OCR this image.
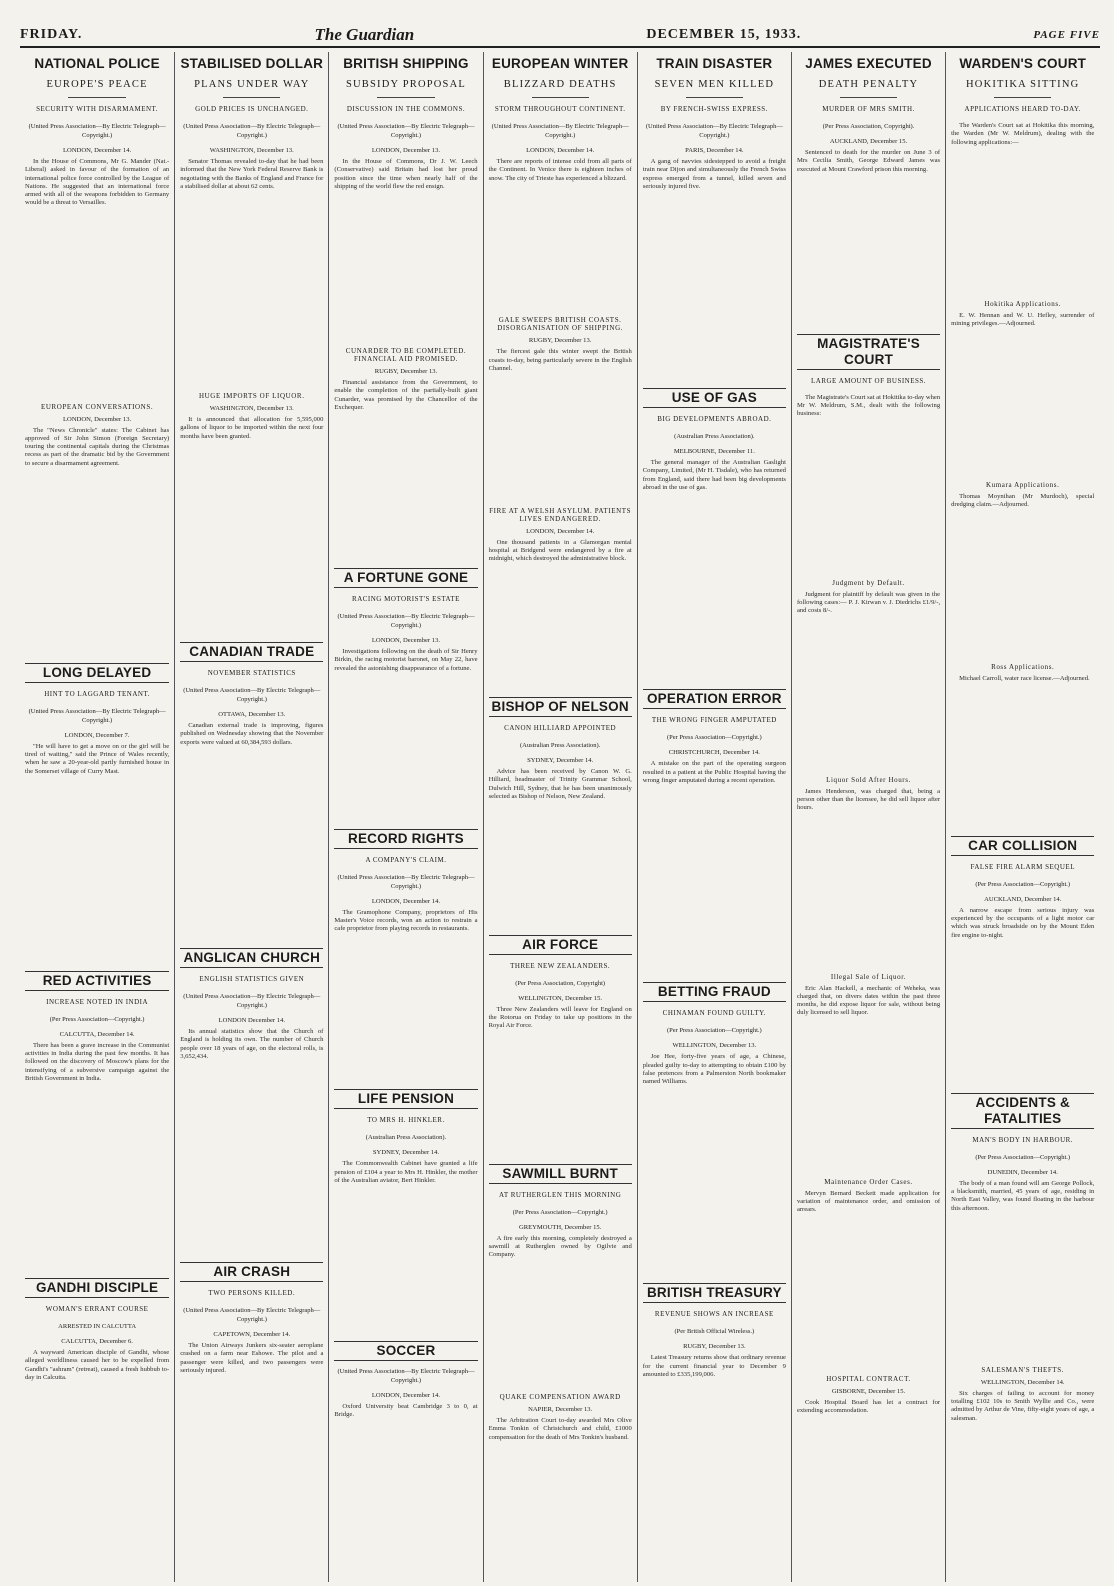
FRIDAY.	The Guardian	DECEMBER 15, 1933.	PAGE FIVE
NATIONAL POLICE
EUROPE'S PEACE
SECURITY WITH DISARMAMENT.
(United Press Association—By Electric Telegraph—Copyright.)
LONDON, December 14.

In the House of Commons, Mr G. Mander (Nat.-Liberal) asked in favour of the formation of an international police force controlled by the League of Nations. He suggested that an international force armed with all of the weapons forbidden to Germany would be a threat to Versailles.

EUROPEAN CONVERSATIONS.
LONDON, December 13.

The "News Chronicle" states: The Cabinet has approved of Sir John Simon (Foreign Secretary) touring the continental capitals during the Christmas recess as part of the dramatic bid by the Government to secure a disarmament agreement.

LONG DELAYED
HINT TO LAGGARD TENANT.
(United Press Association—By Electric Telegraph—Copyright.)
LONDON, December 7.

"He will have to get a move on or the girl will be tired of waiting," said the Prince of Wales recently, when he saw a 20-year-old partly furnished house in the Somerset village of Curry Mast.

RED ACTIVITIES
INCREASE NOTED IN INDIA
(Per Press Association—Copyright.)
CALCUTTA, December 14.

There has been a grave increase in the Communist activities in India during the past few months. It has followed on the discovery of Moscow's plans for the intensifying of a subversive campaign against the British Government in India.

GANDHI DISCIPLE
WOMAN'S ERRANT COURSE
ARRESTED IN CALCUTTA
CALCUTTA, December 6.

A wayward American disciple of Gandhi, whose alleged worldliness caused her to be expelled from Gandhi's "ashram" (retreat), caused a fresh hubbub to-day in Calcutta.

STABILISED DOLLAR
PLANS UNDER WAY
GOLD PRICES IS UNCHANGED.
(United Press Association—By Electric Telegraph—Copyright.)
WASHINGTON, December 13.

Senator Thomas revealed to-day that he had been informed that the New York Federal Reserve Bank is negotiating with the Banks of England and France for a stabilised dollar at about 62 cents.

HUGE IMPORTS OF LIQUOR.
WASHINGTON, December 13.

It is announced that allocation for 5,595,000 gallons of liquor to be imported within the next four months have been granted.

CANADIAN TRADE
NOVEMBER STATISTICS
(United Press Association—By Electric Telegraph—Copyright.)
OTTAWA, December 13.

Canadian external trade is improving, figures published on Wednesday showing that the November exports were valued at 60,384,593 dollars.

ANGLICAN CHURCH
ENGLISH STATISTICS GIVEN
(United Press Association—By Electric Telegraph—Copyright.)
LONDON December 14.

Its annual statistics show that the Church of England is holding its own. The number of Church people over 18 years of age, on the electoral rolls, is 3,652,434.

AIR CRASH
TWO PERSONS KILLED.
(United Press Association—By Electric Telegraph—Copyright.)
CAPETOWN, December 14.

The Union Airways Junkers six-seater aeroplane crashed on a farm near Eshowe. The pilot and a passenger were killed, and two passengers were seriously injured.

BRITISH SHIPPING
SUBSIDY PROPOSAL
DISCUSSION IN THE COMMONS.
(United Press Association—By Electric Telegraph—Copyright.)
LONDON, December 13.

In the House of Commons, Dr J. W. Leech (Conservative) said Britain had lost her proud position since the time when nearly half of the shipping of the world flew the red ensign.

CUNARDER TO BE COMPLETED. FINANCIAL AID PROMISED.
RUGBY, December 13.

Financial assistance from the Government, to enable the completion of the partially-built giant Cunarder, was promised by the Chancellor of the Exchequer.

A FORTUNE GONE
RACING MOTORIST'S ESTATE
(United Press Association—By Electric Telegraph—Copyright.)
LONDON, December 13.

Investigations following on the death of Sir Henry Birkin, the racing motorist baronet, on May 22, have revealed the astonishing disappearance of a fortune.

RECORD RIGHTS
A COMPANY'S CLAIM.
(United Press Association—By Electric Telegraph—Copyright.)
LONDON, December 14.

The Gramophone Company, proprietors of His Master's Voice records, won an action to restrain a cafe proprietor from playing records in restaurants.

LIFE PENSION
TO MRS H. HINKLER.
(Australian Press Association).
SYDNEY, December 14.

The Commonwealth Cabinet have granted a life pension of £104 a year to Mrs H. Hinkler, the mother of the Australian aviator, Bert Hinkler.

SOCCER
(United Press Association—By Electric Telegraph—Copyright.)
LONDON, December 14.

Oxford University beat Cambridge 3 to 0, at Bridge.

EUROPEAN WINTER
BLIZZARD DEATHS
STORM THROUGHOUT CONTINENT.
(United Press Association—By Electric Telegraph—Copyright.)
LONDON, December 14.

There are reports of intense cold from all parts of the Continent. In Venice there is eighteen inches of snow. The city of Trieste has experienced a blizzard.

GALE SWEEPS BRITISH COASTS. DISORGANISATION OF SHIPPING.
RUGBY, December 13.

The fiercest gale this winter swept the British coasts to-day, being particularly severe in the English Channel.

FIRE AT A WELSH ASYLUM. PATIENTS LIVES ENDANGERED.
LONDON, December 14.

One thousand patients in a Glamorgan mental hospital at Bridgend were endangered by a fire at midnight, which destroyed the administrative block.

BISHOP OF NELSON
CANON HILLIARD APPOINTED
(Australian Press Association).
SYDNEY, December 14.

Advice has been received by Canon W. G. Hilliard, headmaster of Trinity Grammar School, Dulwich Hill, Sydney, that he has been unanimously selected as Bishop of Nelson, New Zealand.

AIR FORCE
THREE NEW ZEALANDERS.
(Per Press Association, Copyright)
WELLINGTON, December 15.

Three New Zealanders will leave for England on the Rotorua on Friday to take up positions in the Royal Air Force.

SAWMILL BURNT
AT RUTHERGLEN THIS MORNING
(Per Press Association—Copyright.)
GREYMOUTH, December 15.

A fire early this morning, completely destroyed a sawmill at Rutherglen owned by Ogilvie and Company.

QUAKE COMPENSATION AWARD
NAPIER, December 13.

The Arbitration Court to-day awarded Mrs Olive Emma Tonkin of Christchurch and child, £1000 compensation for the death of Mrs Tonkin's husband.

TRAIN DISASTER
SEVEN MEN KILLED
BY FRENCH-SWISS EXPRESS.
(United Press Association—By Electric Telegraph—Copyright.)
PARIS, December 14.

A gang of navvies sidestepped to avoid a freight train near Dijon and simultaneously the French Swiss express emerged from a tunnel, killed seven and seriously injured five.

USE OF GAS
BIG DEVELOPMENTS ABROAD.
(Australian Press Association).
MELBOURNE, December 11.

The general manager of the Australian Gaslight Company, Limited, (Mr H. Tisdale), who has returned from England, said there had been big developments abroad in the use of gas.

OPERATION ERROR
THE WRONG FINGER AMPUTATED
(Per Press Association—Copyright.)
CHRISTCHURCH, December 14.

A mistake on the part of the operating surgeon resulted in a patient at the Public Hospital having the wrong finger amputated during a recent operation.

BETTING FRAUD
CHINAMAN FOUND GUILTY.
(Per Press Association—Copyright.)
WELLINGTON, December 13.

Joe Hee, forty-five years of age, a Chinese, pleaded guilty to-day to attempting to obtain £100 by false pretences from a Palmerston North bookmaker named Williams.

BRITISH TREASURY
REVENUE SHOWS AN INCREASE
(Per British Official Wireless.)
RUGBY, December 13.

Latest Treasury returns show that ordinary revenue for the current financial year to December 9 amounted to £335,199,006.

JAMES EXECUTED
DEATH PENALTY
MURDER OF MRS SMITH.
(Per Press Association, Copyright).
AUCKLAND, December 15.

Sentenced to death for the murder on June 3 of Mrs Cecilia Smith, George Edward James was executed at Mount Crawford prison this morning.

MAGISTRATE'S COURT
LARGE AMOUNT OF BUSINESS.

The Magistrate's Court sat at Hokitika to-day when Mr W. Meldrum, S.M., dealt with the following business:

Judgment by Default.

Judgment for plaintiff by default was given in the following cases:— P. J. Kirwan v. J. Diedrichs £1/9/-, and costs 8/-.

Liquor Sold After Hours.

James Henderson, was charged that, being a person other than the licensee, he did sell liquor after hours.

Illegal Sale of Liquor.

Eric Alan Hackell, a mechanic of Weheka, was charged that, on divers dates within the past three months, he did expose liquor for sale, without being duly licensed to sell liquor.

Maintenance Order Cases.

Mervyn Bernard Beckett made application for variation of maintenance order, and omission of arrears.

HOSPITAL CONTRACT.
GISBORNE, December 15.

Cook Hospital Board has let a contract for extending accommodation.

WARDEN'S COURT
HOKITIKA SITTING
APPLICATIONS HEARD TO-DAY.

The Warden's Court sat at Hokitika this morning, the Warden (Mr W. Meldrum), dealing with the following applications:—

Hokitika Applications.

E. W. Hennan and W. U. Hefley, surrender of mining privileges.—Adjourned.

Kumara Applications.

Thomas Moynihan (Mr Murdoch), special dredging claim.—Adjourned.

Ross Applications.

Michael Carroll, water race license.—Adjourned.

CAR COLLISION
FALSE FIRE ALARM SEQUEL
(Per Press Association—Copyright.)
AUCKLAND, December 14.

A narrow escape from serious injury was experienced by the occupants of a light motor car which was struck broadside on by the Mount Eden fire engine to-night.

ACCIDENTS & FATALITIES
MAN'S BODY IN HARBOUR.
(Per Press Association—Copyright.)
DUNEDIN, December 14.

The body of a man found will am George Pollock, a blacksmith, married, 45 years of age, residing in North East Valley, was found floating in the harbour this afternoon.

SALESMAN'S THEFTS.
WELLINGTON, December 14.

Six charges of failing to account for money totalling £102 10s to Smith Wyllie and Co., were admitted by Arthur de Vine, fifty-eight years of age, a salesman.
